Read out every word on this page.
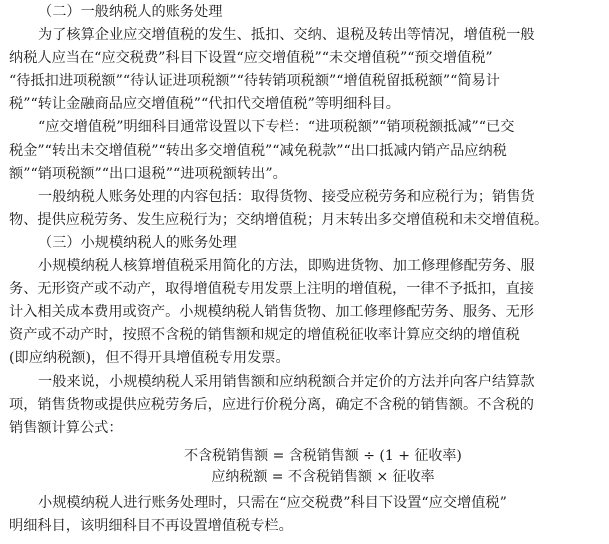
（二）一般纳税人的账务处理
为了核算企业应交增值税的发生、抵扣、交纳、退税及转出等情况，增值税一般
纳税人应当在“应交税费”科目下设置“应交增值税”“未交增值税”“预交增值税”
“待抵扣进项税额”“待认证进项税额”“待转销项税额”“增值税留抵税额”“简易计
税”“转让金融商品应交增值税”“代扣代交增值税”等明细科目。
“应交增值税”明细科目通常设置以下专栏：“进项税额”“销项税额抵减”“已交
税金”“转出未交增值税”“转出多交增值税”“减免税款”“出口抵减内销产品应纳税
额”“销项税额”“出口退税”“进项税额转出”。
一般纳税人账务处理的内容包括：取得货物、接受应税劳务和应税行为；销售货
物、提供应税劳务、发生应税行为；交纳增值税；月末转出多交增值税和未交增值税。
（三）小规模纳税人的账务处理
小规模纳税人核算增值税采用简化的方法，即购进货物、加工修理修配劳务、服
务、无形资产或不动产，取得增值税专用发票上注明的增值税，一律不予抵扣，直接
计入相关成本费用或资产。小规模纳税人销售货物、加工修理修配劳务、服务、无形
资产或不动产时，按照不含税的销售额和规定的增值税征收率计算应交纳的增值税
(即应纳税额)，但不得开具增值税专用发票。
一般来说，小规模纳税人采用销售额和应纳税额合并定价的方法并向客户结算款
项，销售货物或提供应税劳务后，应进行价税分离，确定不含税的销售额。不含税的
销售额计算公式：
不含税销售额 = 含税销售额 ÷ (1 + 征收率)
应纳税额 = 不含税销售额 × 征收率
小规模纳税人进行账务处理时，只需在“应交税费”科目下设置“应交增值税”
明细科目，该明细科目不再设置增值税专栏。
